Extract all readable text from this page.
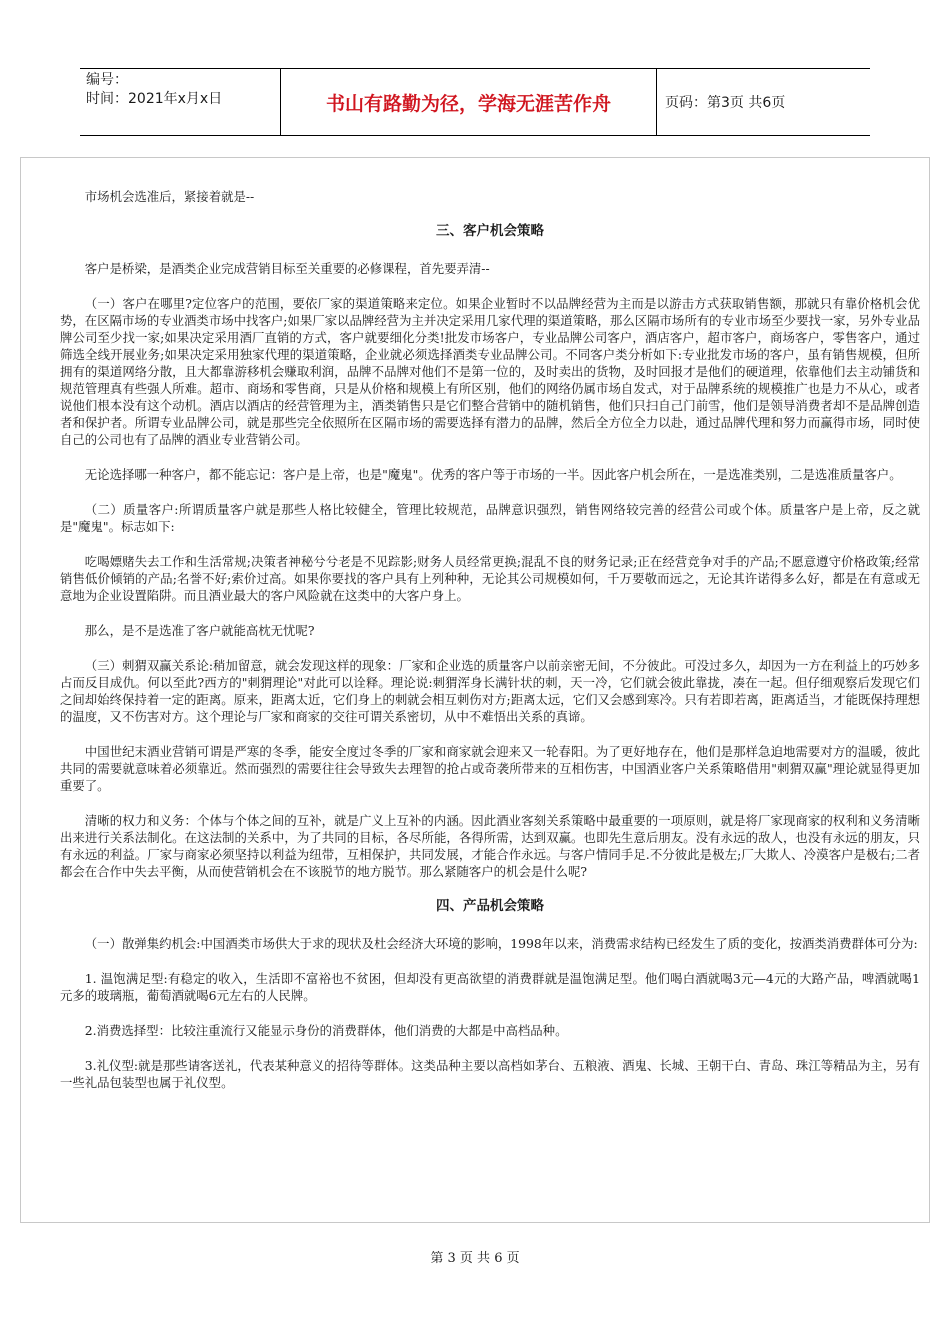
编号：
时间：2021年x月x日	书山有路勤为径，学海无涯苦作舟	页码：第3页 共6页

市场机会选准后，紧接着就是--

三、客户机会策略

客户是桥梁，是酒类企业完成营销目标至关重要的必修课程，首先要弄清--

（一）客户在哪里?定位客户的范围，要依厂家的渠道策略来定位。如果企业暂时不以品牌经营为主而是以游击方式获取销售额，那就只有靠价格机会优势，在区隔市场的专业酒类市场中找客户;如果厂家以品牌经营为主并决定采用几家代理的渠道策略，那么区隔市场所有的专业市场至少要找一家，另外专业品牌公司至少找一家;如果决定采用酒厂直销的方式，客户就要细化分类!批发市场客户，专业品牌公司客户，酒店客户，超市客户，商场客户，零售客户，通过筛选全线开展业务;如果决定采用独家代理的渠道策略，企业就必须选择酒类专业品牌公司。不同客户类分析如下:专业批发市场的客户，虽有销售规模，但所拥有的渠道网络分散，且大都靠游移机会赚取利润，品牌不品牌对他们不是第一位的，及时卖出的货物，及时回报才是他们的硬道理，依靠他们去主动铺货和规范管理真有些强人所难。超市、商场和零售商，只是从价格和规模上有所区别，他们的网络仍属市场自发式，对于品牌系统的规模推广也是力不从心，或者说他们根本没有这个动机。酒店以酒店的经营管理为主，酒类销售只是它们整合营销中的随机销售，他们只扫自己门前雪，他们是领导消费者却不是品牌创造者和保护者。所谓专业品牌公司，就是那些完全依照所在区隔市场的需要选择有潜力的品牌，然后全方位全力以赴，通过品牌代理和努力而赢得市场，同时使自己的公司也有了品牌的酒业专业营销公司。

无论选择哪一种客户，都不能忘记：客户是上帝，也是"魔鬼"。优秀的客户等于市场的一半。因此客户机会所在，一是选准类别，二是选准质量客户。

（二）质量客户:所谓质量客户就是那些人格比较健全，管理比较规范，品牌意识强烈，销售网络较完善的经营公司或个体。质量客户是上帝，反之就是"魔鬼"。标志如下:

吃喝嫖赌失去工作和生活常规;决策者神秘兮兮老是不见踪影;财务人员经常更换;混乱不良的财务记录;正在经营竞争对手的产品;不愿意遵守价格政策;经常销售低价倾销的产品;名誉不好;索价过高。如果你要找的客户具有上列种种，无论其公司规模如何，千万要敬而远之，无论其许诺得多么好，都是在有意或无意地为企业设置陷阱。而且酒业最大的客户风险就在这类中的大客户身上。

那么，是不是选准了客户就能高枕无忧呢?

（三）刺猬双赢关系论:稍加留意，就会发现这样的现象：厂家和企业选的质量客户以前亲密无间，不分彼此。可没过多久，却因为一方在利益上的巧妙多占而反目成仇。何以至此?西方的"刺猬理论"对此可以诠释。理论说:刺猬浑身长满针状的刺，天一冷，它们就会彼此靠拢，凑在一起。但仔细观察后发现它们之间却始终保持着一定的距离。原来，距离太近，它们身上的刺就会相互刺伤对方;距离太远，它们又会感到寒冷。只有若即若离，距离适当，才能既保持理想的温度，又不伤害对方。这个理论与厂家和商家的交往可谓关系密切，从中不难悟出关系的真谛。

中国世纪末酒业营销可谓是严寒的冬季，能安全度过冬季的厂家和商家就会迎来又一轮春阳。为了更好地存在，他们是那样急迫地需要对方的温暖，彼此共同的需要就意味着必须靠近。然而强烈的需要往往会导致失去理智的抢占或奇袭所带来的互相伤害，中国酒业客户关系策略借用"刺猬双赢"理论就显得更加重要了。

清晰的权力和义务：个体与个体之间的互补，就是广义上互补的内涵。因此酒业客刻关系策略中最重要的一项原则，就是将厂家现商家的权利和义务清晰出来进行关系法制化。在这法制的关系中，为了共同的目标，各尽所能，各得所需，达到双赢。也即先生意后朋友。没有永远的敌人，也没有永远的朋友，只有永远的利益。厂家与商家必须坚持以利益为纽带，互相保护，共同发展，才能合作永远。与客户情同手足.不分彼此是极左;厂大欺人、冷漠客户是极右;二者都会在合作中失去平衡，从而使营销机会在不该脱节的地方脱节。那么紧随客户的机会是什么呢?

四、产品机会策略

（一）散弹集约机会:中国酒类市场供大于求的现状及杜会经济大环境的影响，1998年以来，消费需求结构已经发生了质的变化，按酒类消费群体可分为:

1. 温饱满足型:有稳定的收入，生活即不富裕也不贫困，但却没有更高欲望的消费群就是温饱满足型。他们喝白酒就喝3元—4元的大路产品，啤酒就喝1元多的玻璃瓶，葡萄酒就喝6元左右的人民牌。

2.消费选择型：比较注重流行又能显示身份的消费群体，他们消费的大都是中高档品种。

3.礼仪型:就是那些请客送礼，代表某种意义的招待等群体。这类品种主要以高档如茅台、五粮液、酒鬼、长城、王朝干白、青岛、珠江等精品为主，另有一些礼品包装型也属于礼仪型。

第 3 页 共 6 页
